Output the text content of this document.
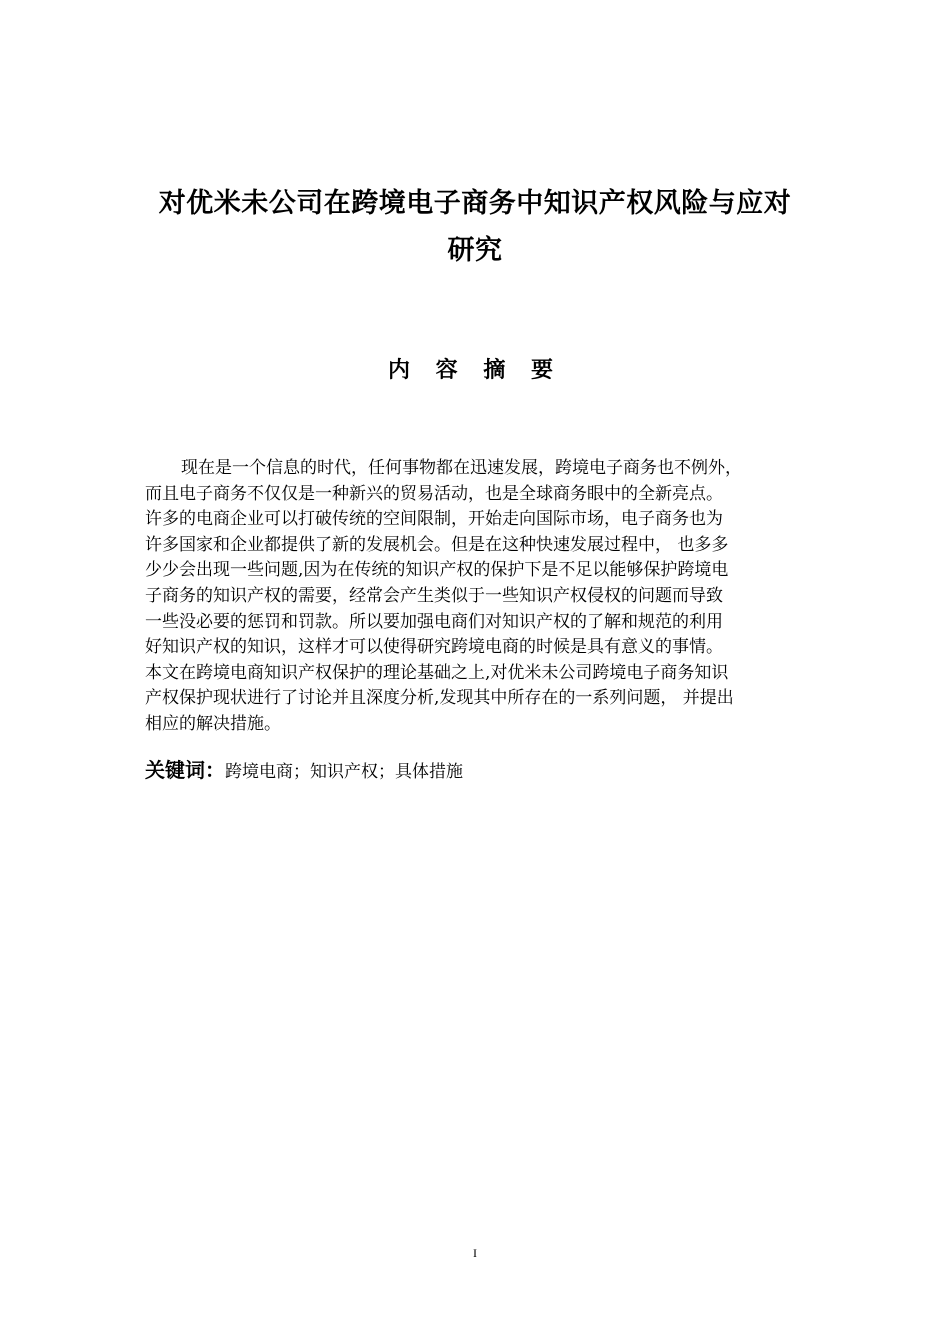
对优米未公司在跨境电子商务中知识产权风险与应对
研究
内 容 摘 要
现在是一个信息的时代，任何事物都在迅速发展，跨境电子商务也不例外，
而且电子商务不仅仅是一种新兴的贸易活动，也是全球商务眼中的全新亮点。
许多的电商企业可以打破传统的空间限制，开始走向国际市场，电子商务也为
许多国家和企业都提供了新的发展机会。但是在这种快速发展过程中， 也多多
少少会出现一些问题,因为在传统的知识产权的保护下是不足以能够保护跨境电
子商务的知识产权的需要，经常会产生类似于一些知识产权侵权的问题而导致
一些没必要的惩罚和罚款。所以要加强电商们对知识产权的了解和规范的利用
好知识产权的知识，这样才可以使得研究跨境电商的时候是具有意义的事情。
本文在跨境电商知识产权保护的理论基础之上,对优米未公司跨境电子商务知识
产权保护现状进行了讨论并且深度分析,发现其中所存在的一系列问题， 并提出
相应的解决措施。
关键词：跨境电商；知识产权；具体措施
I
